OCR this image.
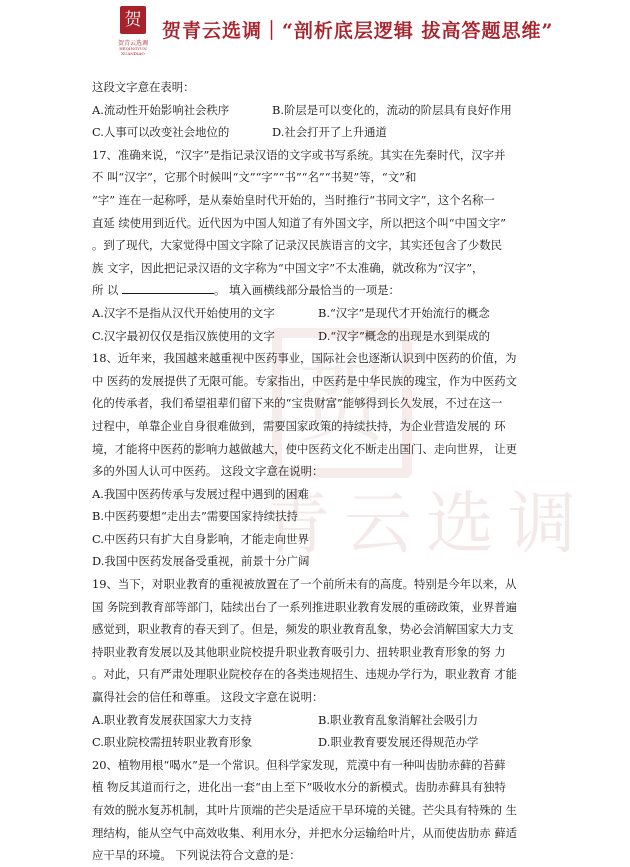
贺
贺青云选调
HEQINGYUN XUANDIAO
贺青云选调｜“剖析底层逻辑 拔高答题思维”
贺
青云选调
这段文字意在表明：
A.流动性开始影响社会秩序	B.阶层是可以变化的，流动的阶层具有良好作用
C.人事可以改变社会地位的	D.社会打开了上升通道
17、准确来说，“汉字”是指记录汉语的文字或书写系统。其实在先秦时代，汉字并
不 叫“汉字”，它那个时候叫“文”“字”“书”“名”“书契”等，“文”和
“字” 连在一起称呼，是从秦始皇时代开始的，当时推行“书同文字”，这个名称一
直延 续使用到近代。近代因为中国人知道了有外国文字，所以把这个叫“中国文字”
。到了现代，大家觉得中国文字除了记录汉民族语言的文字，其实还包含了少数民
族 文字，因此把记录汉语的文字称为“中国文字”不太准确，就改称为“汉字”，
所 以	。 填入画横线部分最恰当的一项是：
A.汉字不是指从汉代开始使用的文字	B.“汉字”是现代才开始流行的概念
C.汉字最初仅仅是指汉族使用的文字	D.“汉字”概念的出现是水到渠成的
18、近年来，我国越来越重视中医药事业，国际社会也逐渐认识到中医药的价值，为
中 医药的发展提供了无限可能。专家指出，中医药是中华民族的瑰宝，作为中医药文
化的传承者，我们希望祖辈们留下来的“宝贵财富”能够得到长久发展，不过在这一
过程中，单靠企业自身很难做到，需要国家政策的持续扶持，为企业营造发展的 环
境，才能将中医药的影响力越做越大，使中医药文化不断走出国门、走向世界， 让更
多的外国人认可中医药。 这段文字意在说明：
A.我国中医药传承与发展过程中遇到的困难
B.中医药要想“走出去”需要国家持续扶持
C.中医药只有扩大自身影响，才能走向世界
D.我国中医药发展备受重视，前景十分广阔
19、当下，对职业教育的重视被放置在了一个前所未有的高度。特别是今年以来，从
国 务院到教育部等部门，陆续出台了一系列推进职业教育发展的重磅政策，业界普遍
感觉到，职业教育的春天到了。但是，频发的职业教育乱象，势必会消解国家大力支
持职业教育发展以及其他职业院校提升职业教育吸引力、扭转职业教育形象的努 力
。对此，只有严肃处理职业院校存在的各类违规招生、违规办学行为，职业教育 才能
赢得社会的信任和尊重。 这段文字意在说明：
A.职业教育发展获国家大力支持	B.职业教育乱象消解社会吸引力
C.职业院校需扭转职业教育形象	D.职业教育要发展还得规范办学
20、植物用根“喝水”是一个常识。但科学家发现，荒漠中有一种叫齿肋赤藓的苔藓
植 物反其道而行之，进化出一套“由上至下”吸收水分的新模式。齿肋赤藓具有独特
有效的脱水复苏机制，其叶片顶端的芒尖是适应干旱环境的关键。芒尖具有特殊的 生
理结构，能从空气中高效收集、利用水分，并把水分运输给叶片，从而使齿肋赤 藓适
应干旱的环境。 下列说法符合文意的是：
